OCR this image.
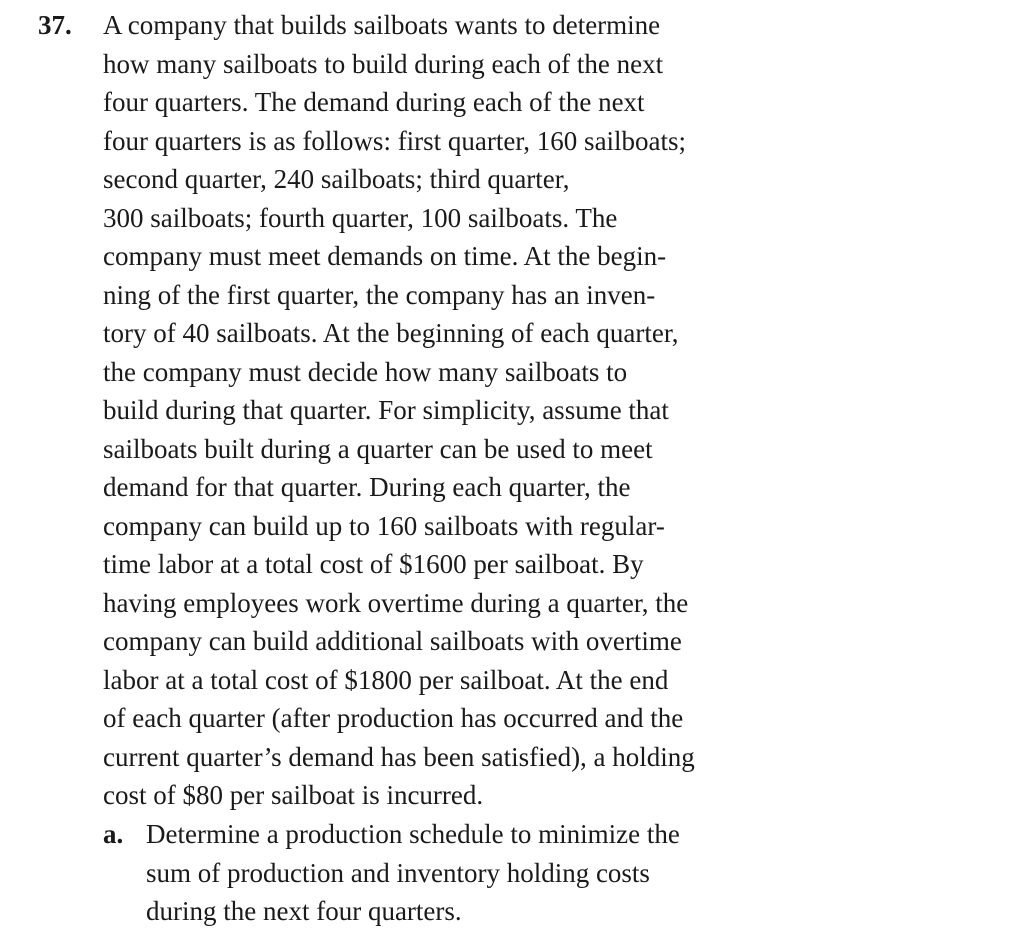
37. A company that builds sailboats wants to determine
how many sailboats to build during each of the next
four quarters. The demand during each of the next
four quarters is as follows: first quarter, 160 sailboats;
second quarter, 240 sailboats; third quarter,
300 sailboats; fourth quarter, 100 sailboats. The
company must meet demands on time. At the begin-
ning of the first quarter, the company has an inven-
tory of 40 sailboats. At the beginning of each quarter,
the company must decide how many sailboats to
build during that quarter. For simplicity, assume that
sailboats built during a quarter can be used to meet
demand for that quarter. During each quarter, the
company can build up to 160 sailboats with regular-
time labor at a total cost of $1600 per sailboat. By
having employees work overtime during a quarter, the
company can build additional sailboats with overtime
labor at a total cost of $1800 per sailboat. At the end
of each quarter (after production has occurred and the
current quarter’s demand has been satisfied), a holding
cost of $80 per sailboat is incurred.
a. Determine a production schedule to minimize the
sum of production and inventory holding costs
during the next four quarters.
